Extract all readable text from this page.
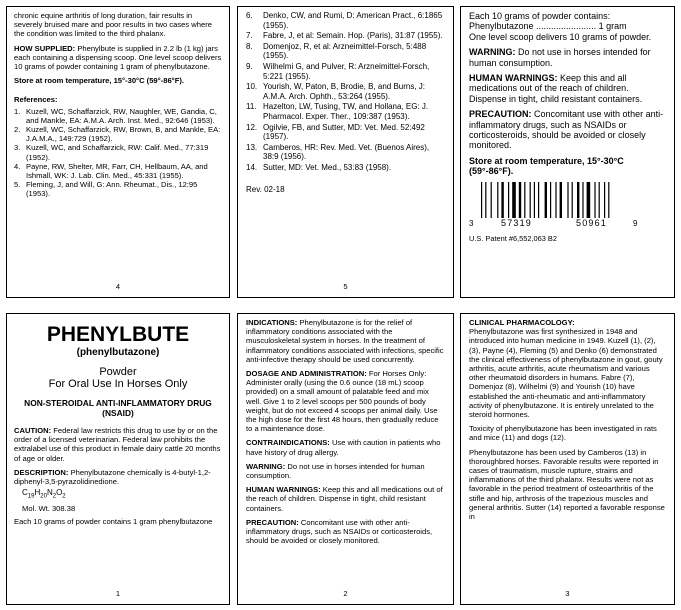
chronic equine arthritis of long duration, fair results in severely bruised mare and poor results in two cases where the condition was limited to the third phalanx.

HOW SUPPLIED: Phenylbute is supplied in 2.2 lb (1 kg) jars each containing a dispensing scoop. One level scoop delivers 10 grams of powder containing 1 gram of phenylbutazone.

Store at room temperature, 15°-30°C (59°-86°F).

References:

1. Kuzell, WC, Schaffarzick, RW, Naughler, WE, Gandia, C, and Mankle, EA: A.M.A. Arch. Inst. Med., 92:646 (1953).
2. Kuzell, WC, Schaffarzick, RW, Brown, B, and Mankle, EA: J.A.M.A., 149:729 (1952).
3. Kuzell, WC, and Schaffarzick, RW: Calif. Med., 77:319 (1952).
4. Payne, RW, Shelter, MR, Farr, CH, Hellbaum, AA, and Ishmall, WK: J. Lab. Clin. Med., 45:331 (1955).
5. Fleming, J, and Will, G: Ann. Rheumat., Dis., 12:95 (1953).
4
6.	Denko, CW, and Rumi, D: American Pract., 6:1865 (1955).
7.	Fabre, J, et al: Semain. Hop. (Paris), 31:87 (1955).
8.	Domenjoz, R, et al: Arzneimittel-Forsch, 5:488 (1955).
9.	Wilhelmi G, and Pulver, R: Arzneimittel-Forsch, 5:221 (1955).
10. Yourish, W, Paton, B, Brodie, B, and Burns, J: A.M.A. Arch. Ophth., 53:264 (1955).
11. Hazelton, LW, Tusing, TW, and Hollana, EG: J. Pharmacol. Exper. Ther., 109:387 (1953).
12. Ogilvie, FB, and Sutter, MD: Vet. Med. 52:492 (1957).
13. Camberos, HR: Rev. Med. Vet. (Buenos Aires), 38:9 (1956).
14. Sutter, MD: Vet. Med., 53:83 (1958).

Rev. 02-18

5

Each 10 grams of powder contains:

Phenylbutazone ........................ 1 gram

One level scoop delivers 10 grams of powder.

WARNING: Do not use in horses intended for human consumption.

HUMAN WARNINGS: Keep this and all medications out of the reach of children. Dispense in tight, child resistant containers.

PRECAUTION: Concomitant use with other anti-inflammatory drugs, such as NSAIDs or corticosteroids, should be avoided or closely monitored.

Store at room temperature, 15°-30°C (59°-86°F).

3	57319	50961	9
U.S. Patent #6,552,063 B2
PHENYLBUTE
(phenylbutazone)
Powder
For Oral Use In Horses Only
NON-STEROIDAL ANTI-INFLAMMATORY DRUG (NSAID)

CAUTION: Federal law restricts this drug to use by or on the order of a licensed veterinarian. Federal law prohibits the extralabel use of this product in female dairy cattle 20 months of age or older.

DESCRIPTION: Phenylbutazone chemically is 4-butyl-1,2-diphenyl-3,5-pyrazolidinedione.

$C_{19}H_{20}N_2O_2$

Mol. Wt. 308.38

Each 10 grams of powder contains 1 gram phenylbutazone

1

INDICATIONS: Phenylbutazone is for the relief of inflammatory conditions associated with the musculoskeletal system in horses. In the treatment of inflammatory conditions associated with infections, specific anti-infective therapy should be used concurrently.

DOSAGE AND ADMINISTRATION: For Horses Only: Administer orally (using the 0.6 ounce (18 mL) scoop provided) on a small amount of palatable feed and mix well. Give 1 to 2 level scoops per 500 pounds of body weight, but do not exceed 4 scoops per animal daily. Use the high dose for the first 48 hours, then gradually reduce to a maintenance dose.

CONTRAINDICATIONS: Use with caution in patients who have history of drug allergy.

WARNING: Do not use in horses intended for human consumption.

HUMAN WARNINGS: Keep this and all medications out of the reach of children. Dispense in tight, child resistant containers.

PRECAUTION: Concomitant use with other anti-inflammatory drugs, such as NSAIDs or corticosteroids, should be avoided or closely monitored.

2

CLINICAL PHARMACOLOGY:

Phenylbutazone was first synthesized in 1948 and introduced into human medicine in 1949. Kuzell (1), (2), (3), Payne (4), Fleming (5) and Denko (6) demonstrated the clinical effectiveness of phenylbutazone in gout, gouty arthritis, acute arthritis, acute rheumatism and various other rheumatoid disorders in humans. Fabre (7), Domenjoz (8), Wilhelmi (9) and Yourish (10) have established the anti-rheumatic and anti-inflammatory activity of phenylbutazone. It is entirely unrelated to the steroid hormones.

Toxicity of phenylbutazone has been investigated in rats and mice (11) and dogs (12).

Phenylbutazone has been used by Camberos (13) in thoroughbred horses. Favorable results were reported in cases of traumatism, muscle rupture, strains and inflammations of the third phalanx. Results were not as favorable in the period treatment of osteoarthritis of the stifle and hip, arthrosis of the trapezious muscles and general arthritis. Sutter (14) reported a favorable response in

3
